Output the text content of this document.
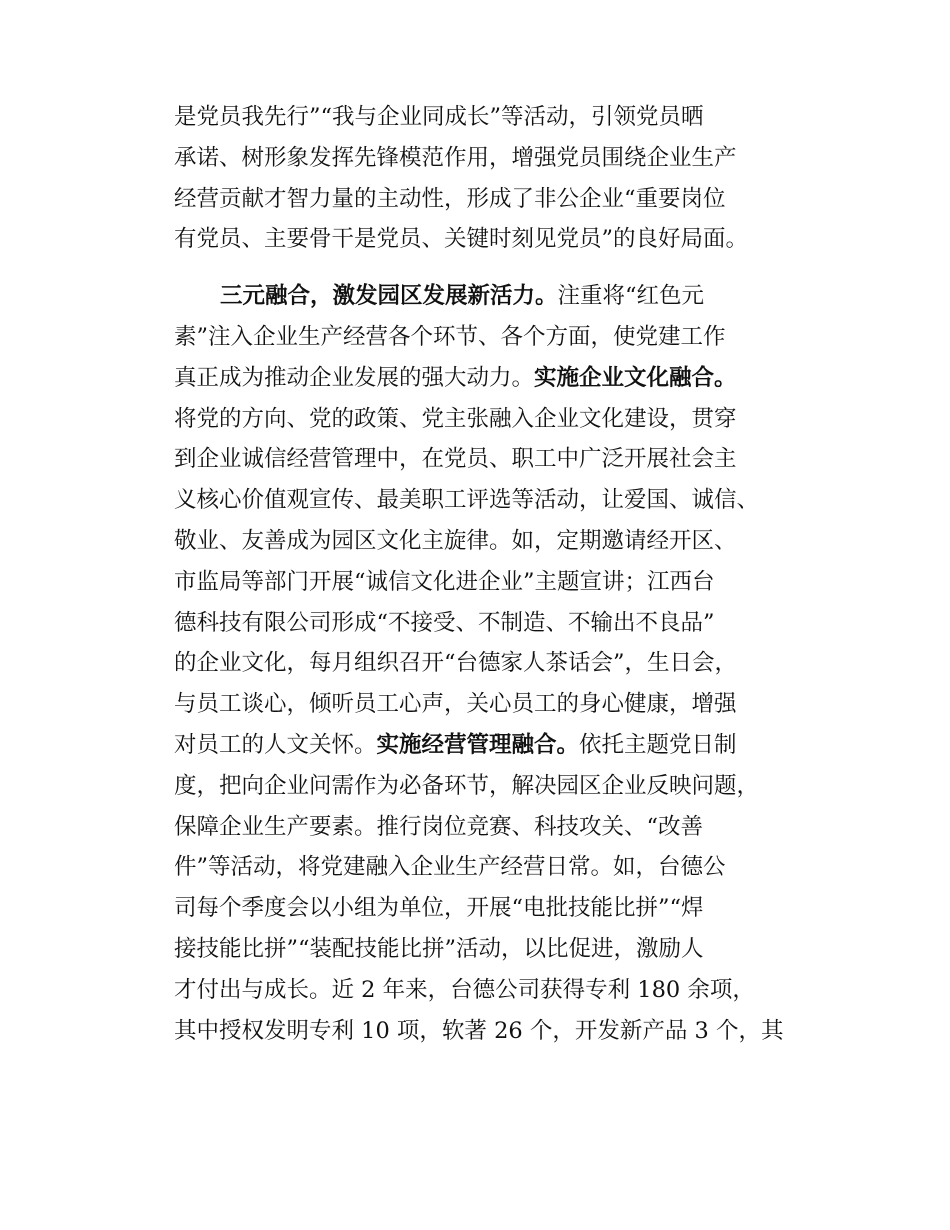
是党员我先行”“我与企业同成长”等活动，引领党员晒
承诺、树形象发挥先锋模范作用，增强党员围绕企业生产
经营贡献才智力量的主动性，形成了非公企业“重要岗位
有党员、主要骨干是党员、关键时刻见党员”的良好局面。
三元融合，激发园区发展新活力。 注重将“红色元
素”注入企业生产经营各个环节、各个方面，使党建工作
真正成为推动企业发展的强大动力。 实施企业文化融合。
将党的方向、党的政策、党主张融入企业文化建设，贯穿
到企业诚信经营管理中，在党员、职工中广泛开展社会主
义核心价值观宣传、最美职工评选等活动，让爱国、诚信、
敬业、友善成为园区文化主旋律。如，定期邀请经开区、
市监局等部门开展“诚信文化进企业”主题宣讲；江西台
德科技有限公司形成“不接受、不制造、不输出不良品”
的企业文化，每月组织召开“台德家人茶话会”，生日会，
与员工谈心，倾听员工心声，关心员工的身心健康，增强
对员工的人文关怀。 实施经营管理融合。 依托主题党日制
度，把向企业问需作为必备环节，解决园区企业反映问题，
保障企业生产要素。推行岗位竞赛、科技攻关、“改善
件”等活动，将党建融入企业生产经营日常。如，台德公
司每个季度会以小组为单位，开展“电批技能比拼”“焊
接技能比拼”“装配技能比拼”活动，以比促进，激励人
才付出与成长。近 2 年来，台德公司获得专利 180 余项，
其中授权发明专利 10 项，软著 26 个，开发新产品 3 个，其
